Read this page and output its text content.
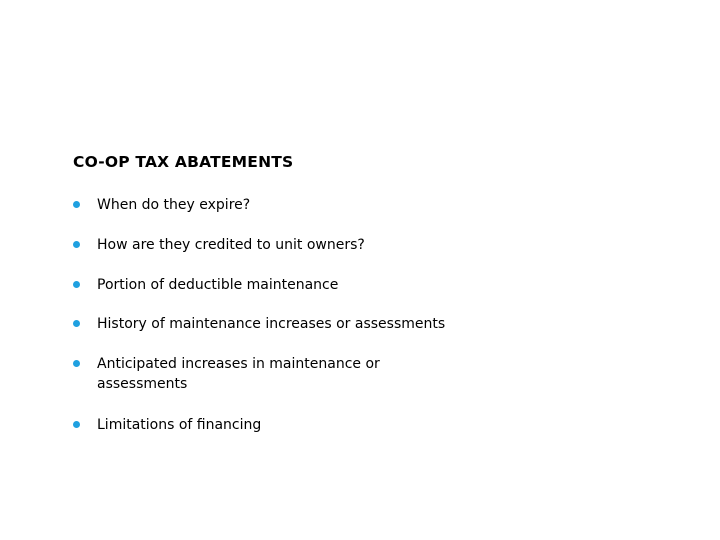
CO-OP TAX ABATEMENTS
When do they expire?
How are they credited to unit owners?
Portion of deductible maintenance
History of maintenance increases or assessments
Anticipated increases in maintenance or assessments
Limitations of financing
